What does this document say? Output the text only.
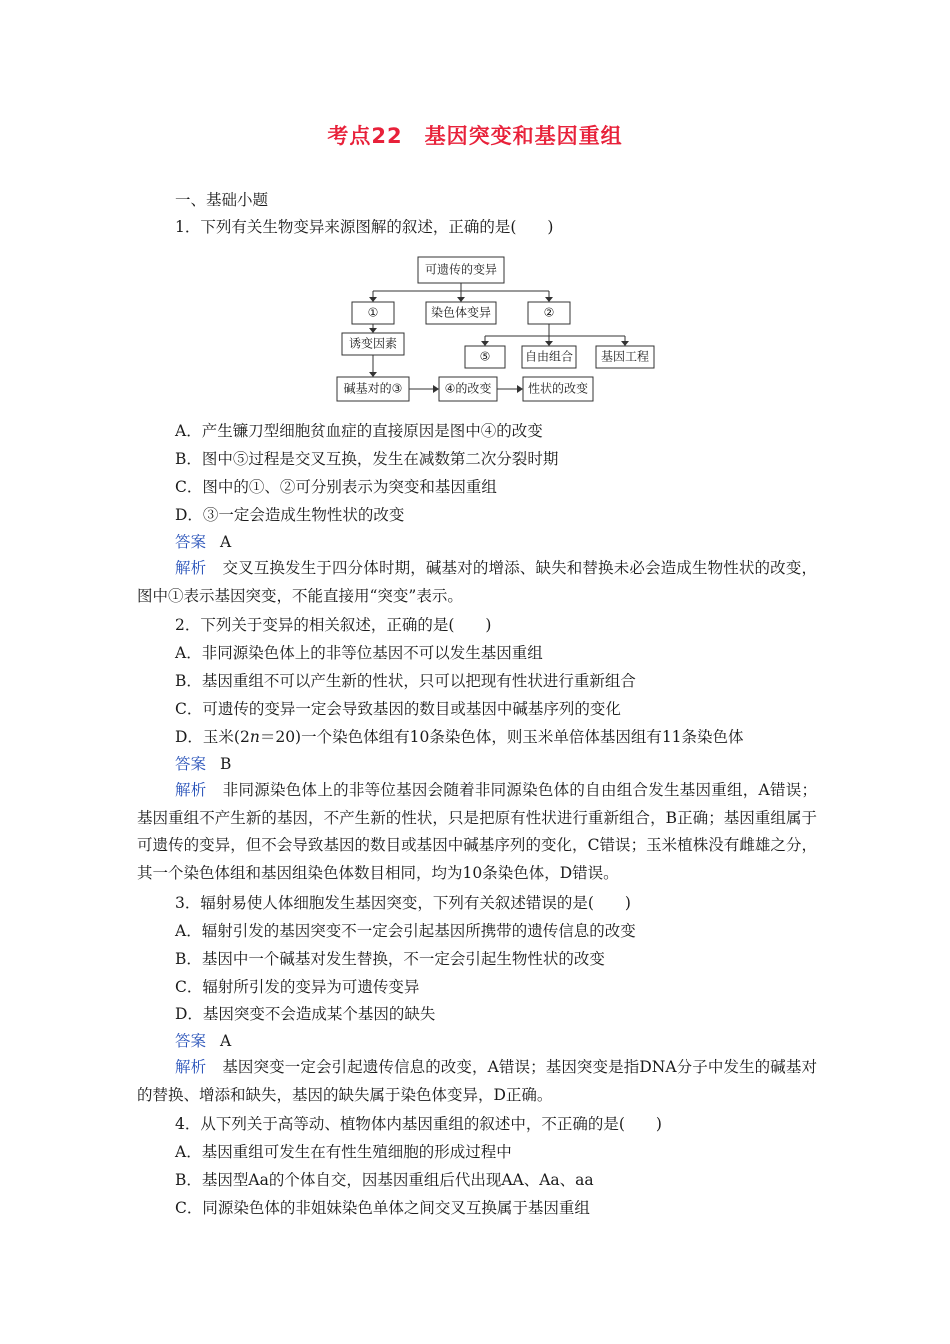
考点22 基因突变和基因重组
一、基础小题
1．下列有关生物变异来源图解的叙述，正确的是(　　)
可遗传的变异
①	染色体变异	②
诱变因素
⑤	自由组合 基因工程
碱基对的③	④的改变	性状的改变
A．产生镰刀型细胞贫血症的直接原因是图中④的改变
B．图中⑤过程是交叉互换，发生在减数第二次分裂时期
C．图中的①、②可分别表示为突变和基因重组
D．③一定会造成生物性状的改变
答案 A
解析 交叉互换发生于四分体时期，碱基对的增添、缺失和替换未必会造成生物性状的改变，图中①表示基因突变，不能直接用“突变”表示。
2．下列关于变异的相关叙述，正确的是(　　)
A．非同源染色体上的非等位基因不可以发生基因重组
B．基因重组不可以产生新的性状，只可以把现有性状进行重新组合
C．可遗传的变异一定会导致基因的数目或基因中碱基序列的变化
D．玉米(2n＝20)一个染色体组有10条染色体，则玉米单倍体基因组有11条染色体
答案 B
解析 非同源染色体上的非等位基因会随着非同源染色体的自由组合发生基因重组，A错误；基因重组不产生新的基因，不产生新的性状，只是把原有性状进行重新组合，B正确；基因重组属于可遗传的变异，但不会导致基因的数目或基因中碱基序列的变化，C错误；玉米植株没有雌雄之分，其一个染色体组和基因组染色体数目相同，均为10条染色体，D错误。
3．辐射易使人体细胞发生基因突变，下列有关叙述错误的是(　　)
A．辐射引发的基因突变不一定会引起基因所携带的遗传信息的改变
B．基因中一个碱基对发生替换，不一定会引起生物性状的改变
C．辐射所引发的变异为可遗传变异
D．基因突变不会造成某个基因的缺失
答案 A
解析 基因突变一定会引起遗传信息的改变，A错误；基因突变是指DNA分子中发生的碱基对的替换、增添和缺失，基因的缺失属于染色体变异，D正确。
4．从下列关于高等动、植物体内基因重组的叙述中，不正确的是(　　)
A．基因重组可发生在有性生殖细胞的形成过程中
B．基因型Aa的个体自交，因基因重组后代出现AA、Aa、aa
C．同源染色体的非姐妹染色单体之间交叉互换属于基因重组
